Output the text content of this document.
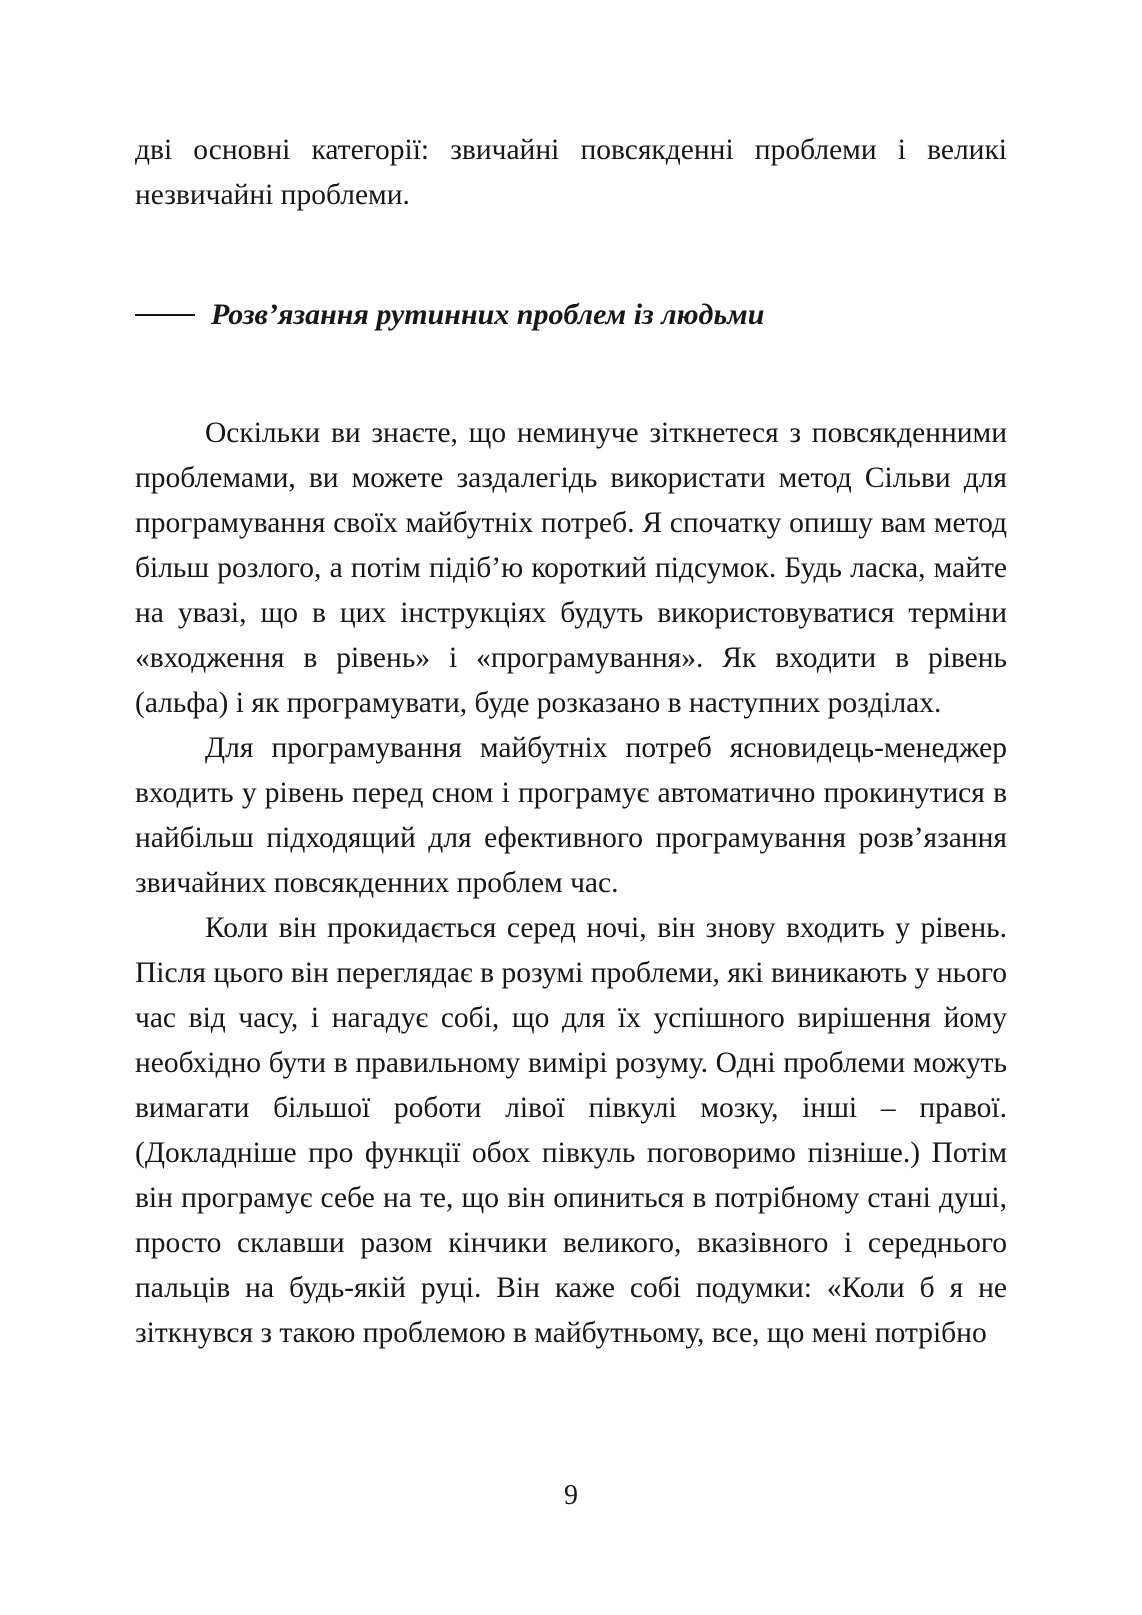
дві основні категорії: звичайні повсякденні проблеми і великі незвичайні проблеми.

Розв’язання рутинних проблем із людьми

Оскільки ви знаєте, що неминуче зіткнетеся з повсякденними проблемами, ви можете заздалегідь використати метод Сільви для програмування своїх майбутніх потреб. Я спочатку опишу вам метод більш розлого, а потім підіб’ю короткий підсумок. Будь ласка, майте на увазі, що в цих інструкціях будуть використовуватися терміни «входження в рівень» і «програмування». Як входити в рівень (альфа) і як програмувати, буде розказано в наступних розділах.

Для програмування майбутніх потреб ясновидець-менеджер входить у рівень перед сном і програмує автоматично прокинутися в найбільш підходящий для ефективного програмування розв’язання звичайних повсякденних проблем час.

Коли він прокидається серед ночі, він знову входить у рівень. Після цього він переглядає в розумі проблеми, які виникають у нього час від часу, і нагадує собі, що для їх успішного вирішення йому необхідно бути в правильному вимірі розуму. Одні проблеми можуть вимагати більшої роботи лівої півкулі мозку, інші – правої. (Докладніше про функції обох півкуль поговоримо пізніше.) Потім він програмує себе на те, що він опиниться в потрібному стані душі, просто склавши разом кінчики великого, вказівного і середнього пальців на будь-якій руці. Він каже собі подумки: «Коли б я не зіткнувся з такою проблемою в майбутньому, все, що мені потрібно

9
